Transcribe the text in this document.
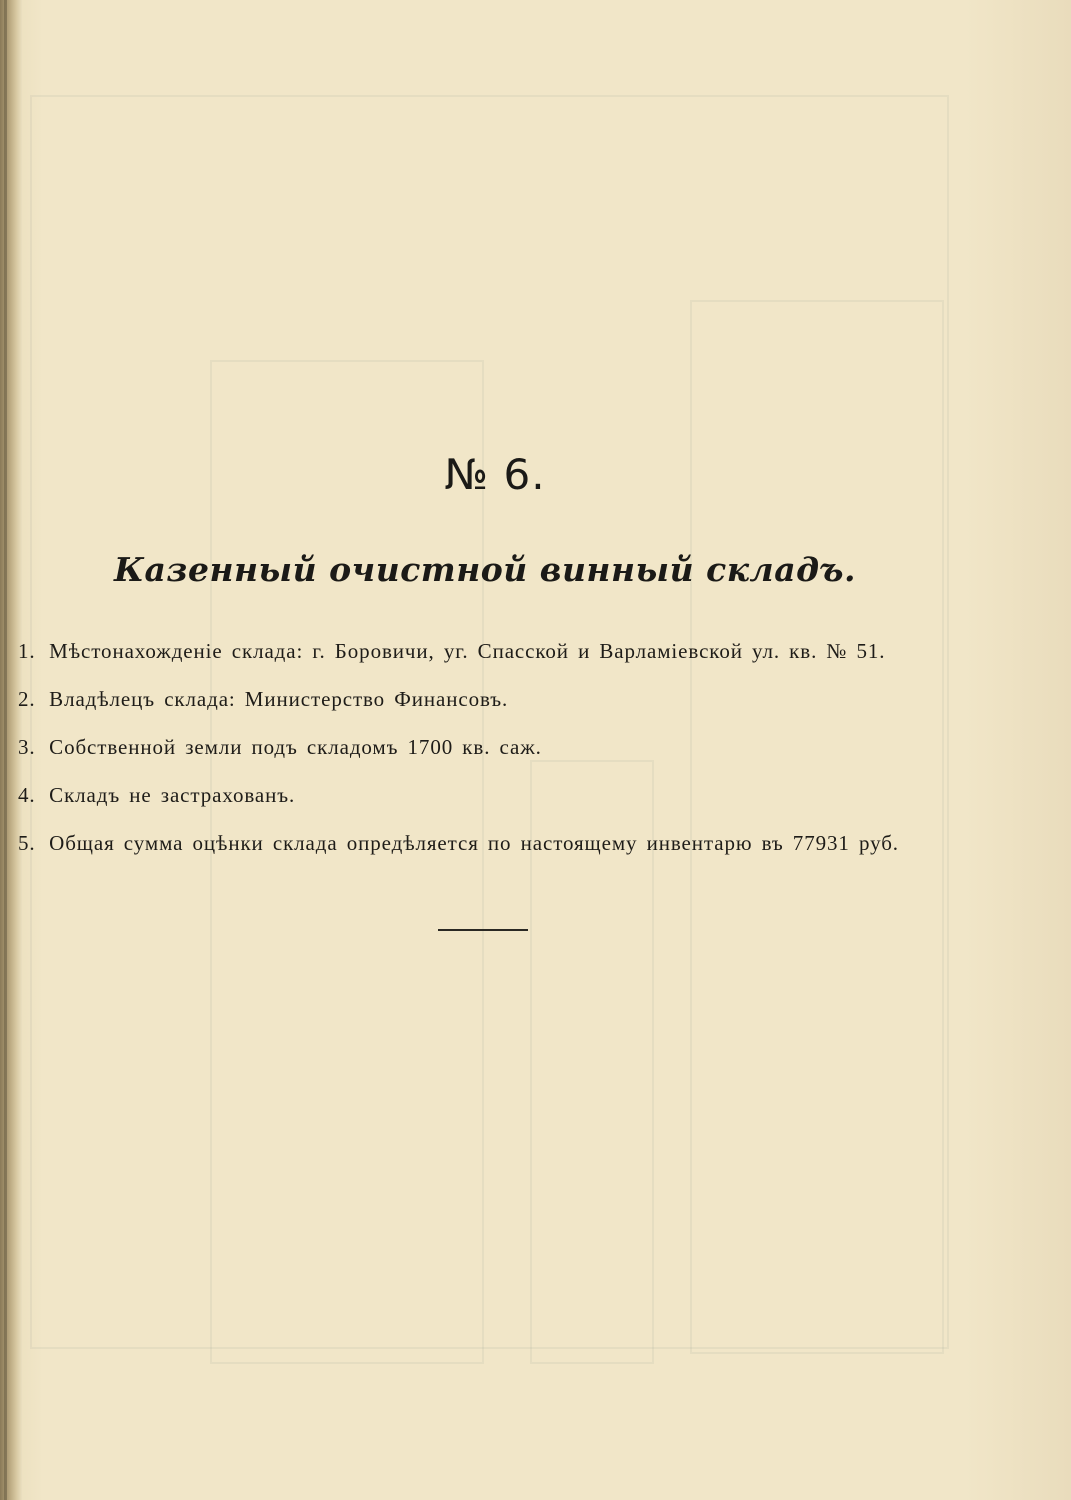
№ 6.
Казенный очистной винный складъ.
1. Мѣстонахожденіе склада: г. Боровичи, уг. Спасской и Варламіевской ул. кв. № 51.
2. Владѣлецъ склада: Министерство Финансовъ.
3. Собственной земли подъ складомъ 1700 кв. саж.
4. Складъ не застрахованъ.
5. Общая сумма оцѣнки склада опредѣляется по настоящему инвентарю въ 77931 руб.
